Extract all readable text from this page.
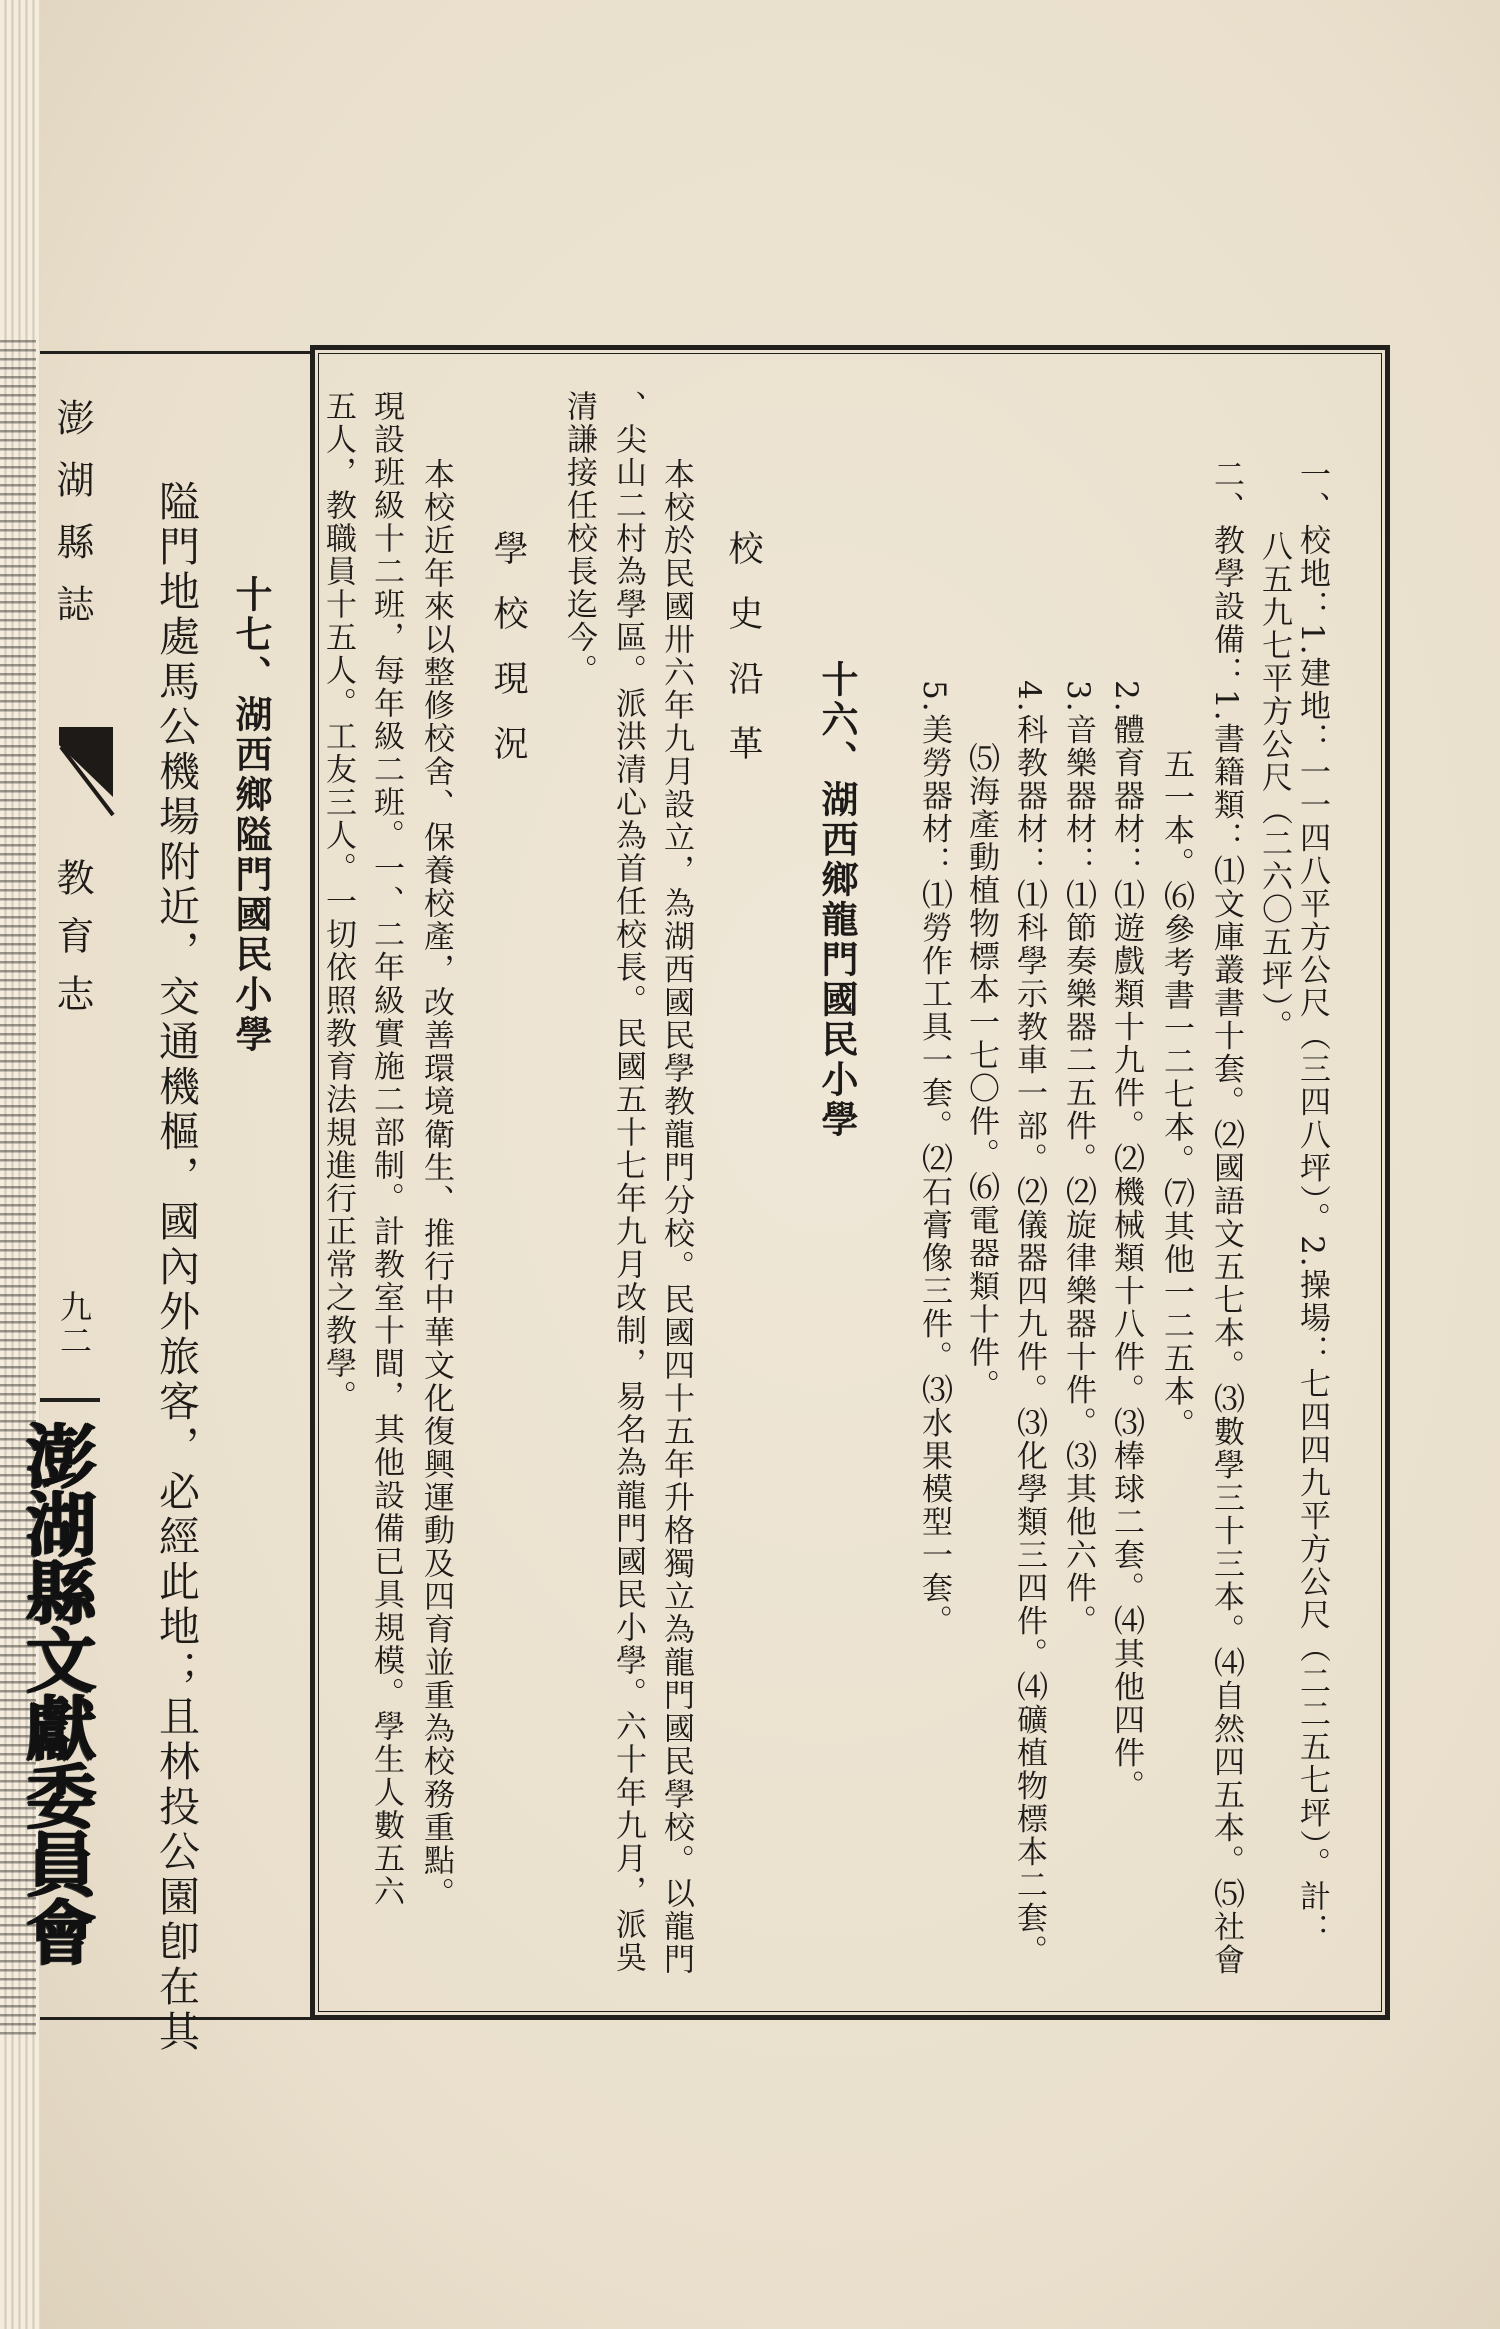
澎湖縣誌
教育志
九二
澎湖縣文獻委員會	一、校地：1.建地：一一四八平方公尺（三四八坪）。2.操場：七四四九平方公尺（二二五七坪）。計：
八五九七平方公尺（二六〇五坪）。
二、教學設備：1.書籍類：⑴文庫叢書十套。⑵國語文五七本。⑶數學三十三本。⑷自然四五本。⑸社會
五一本。⑹參考書一二七本。⑺其他一二五本。
2.體育器材：⑴遊戲類十九件。⑵機械類十八件。⑶棒球二套。⑷其他四件。
3.音樂器材：⑴節奏樂器二五件。⑵旋律樂器十件。⑶其他六件。
4.科教器材：⑴科學示教車一部。⑵儀器四九件。⑶化學類三四件。⑷礦植物標本二套。
⑸海產動植物標本一七〇件。⑹電器類十件。
5.美勞器材：⑴勞作工具一套。⑵石膏像三件。⑶水果模型一套。
十六、湖西鄉龍門國民小學
校史沿革
本校於民國卅六年九月設立，為湖西國民學教龍門分校。民國四十五年升格獨立為龍門國民學校。以龍門
、尖山二村為學區。派洪清心為首任校長。民國五十七年九月改制，易名為龍門國民小學。六十年九月，派吳
清謙接任校長迄今。
學校現況
本校近年來以整修校舍、保養校產，改善環境衛生、推行中華文化復興運動及四育並重為校務重點。
現設班級十二班，每年級二班。一、二年級實施二部制。計教室十間，其他設備已具規模。學生人數五六
五人，教職員十五人。工友三人。一切依照教育法規進行正常之教學。
十七、湖西鄉隘門國民小學
隘門地處馬公機場附近，交通機樞，國內外旅客，必經此地；且林投公園卽在其
